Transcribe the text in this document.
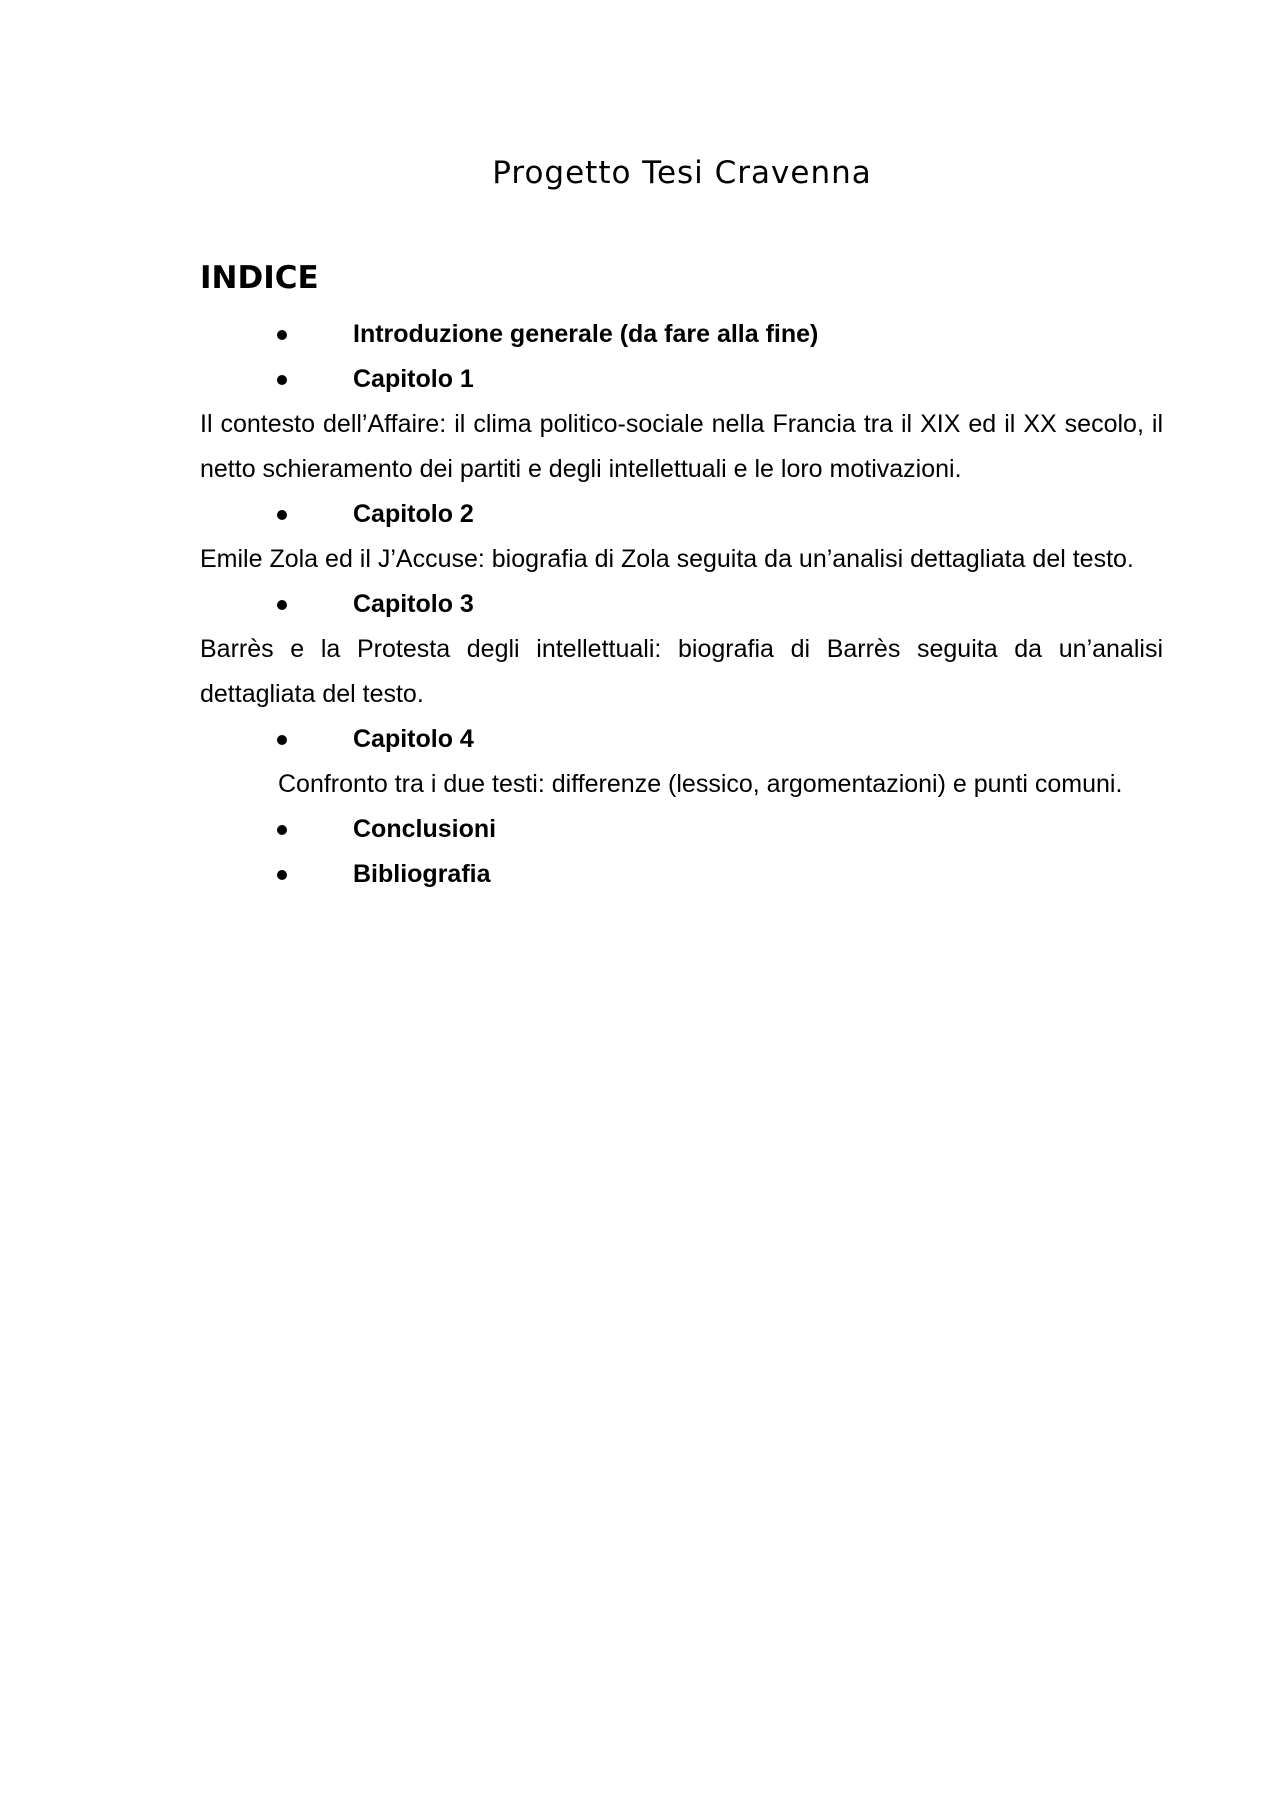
Progetto Tesi Cravenna
INDICE
Introduzione generale (da fare alla fine)
Capitolo 1

Il contesto dell’Affaire: il clima politico-sociale nella Francia tra il XIX ed il XX secolo, il netto schieramento dei partiti e degli intellettuali e le loro motivazioni.

Capitolo 2

Emile Zola ed il J’Accuse: biografia di Zola seguita da un’analisi dettagliata del testo.

Capitolo 3

Barrès e la Protesta degli intellettuali: biografia di Barrès seguita da un’analisi dettagliata del testo.

Capitolo 4

Confronto tra i due testi: differenze (lessico, argomentazioni) e punti comuni.

Conclusioni
Bibliografia
